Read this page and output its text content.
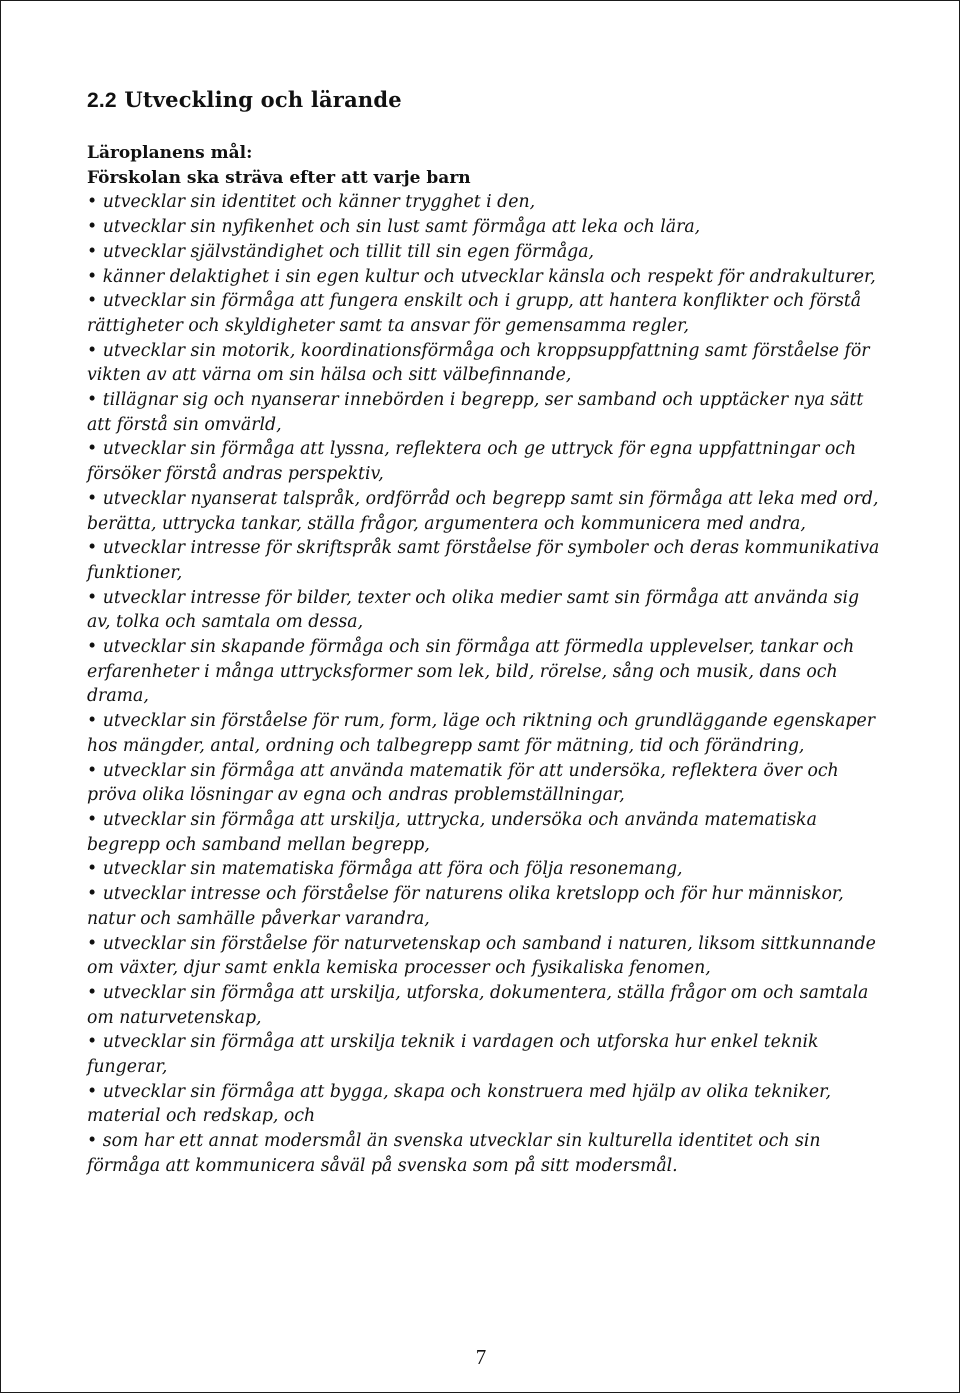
2.2 Utveckling och lärande
Läroplanens mål:
Förskolan ska sträva efter att varje barn
• utvecklar sin identitet och känner trygghet i den,
• utvecklar sin nyfikenhet och sin lust samt förmåga att leka och lära,
• utvecklar självständighet och tillit till sin egen förmåga,
• känner delaktighet i sin egen kultur och utvecklar känsla och respekt för andrakulturer,
• utvecklar sin förmåga att fungera enskilt och i grupp, att hantera konflikter och förstå rättigheter och skyldigheter samt ta ansvar för gemensamma regler,
• utvecklar sin motorik, koordinationsförmåga och kroppsuppfattning samt förståelse för vikten av att värna om sin hälsa och sitt välbefinnande,
• tillägnar sig och nyanserar innebörden i begrepp, ser samband och upptäcker nya sätt att förstå sin omvärld,
• utvecklar sin förmåga att lyssna, reflektera och ge uttryck för egna uppfattningar och försöker förstå andras perspektiv,
• utvecklar nyanserat talspråk, ordförråd och begrepp samt sin förmåga att leka med ord, berätta, uttrycka tankar, ställa frågor, argumentera och kommunicera med andra,
• utvecklar intresse för skriftspråk samt förståelse för symboler och deras kommunikativa funktioner,
• utvecklar intresse för bilder, texter och olika medier samt sin förmåga att använda sig av, tolka och samtala om dessa,
• utvecklar sin skapande förmåga och sin förmåga att förmedla upplevelser, tankar och erfarenheter i många uttrycksformer som lek, bild, rörelse, sång och musik, dans och drama,
• utvecklar sin förståelse för rum, form, läge och riktning och grundläggande egenskaper hos mängder, antal, ordning och talbegrepp samt för mätning, tid och förändring,
• utvecklar sin förmåga att använda matematik för att undersöka, reflektera över och pröva olika lösningar av egna och andras problemställningar,
• utvecklar sin förmåga att urskilja, uttrycka, undersöka och använda matematiska begrepp och samband mellan begrepp,
• utvecklar sin matematiska förmåga att föra och följa resonemang,
• utvecklar intresse och förståelse för naturens olika kretslopp och för hur människor, natur och samhälle påverkar varandra,
• utvecklar sin förståelse för naturvetenskap och samband i naturen, liksom sittkunnande om växter, djur samt enkla kemiska processer och fysikaliska fenomen,
• utvecklar sin förmåga att urskilja, utforska, dokumentera, ställa frågor om och samtala om naturvetenskap,
• utvecklar sin förmåga att urskilja teknik i vardagen och utforska hur enkel teknik fungerar,
• utvecklar sin förmåga att bygga, skapa och konstruera med hjälp av olika tekniker, material och redskap, och
• som har ett annat modersmål än svenska utvecklar sin kulturella identitet och sin förmåga att kommunicera såväl på svenska som på sitt modersmål.
7
